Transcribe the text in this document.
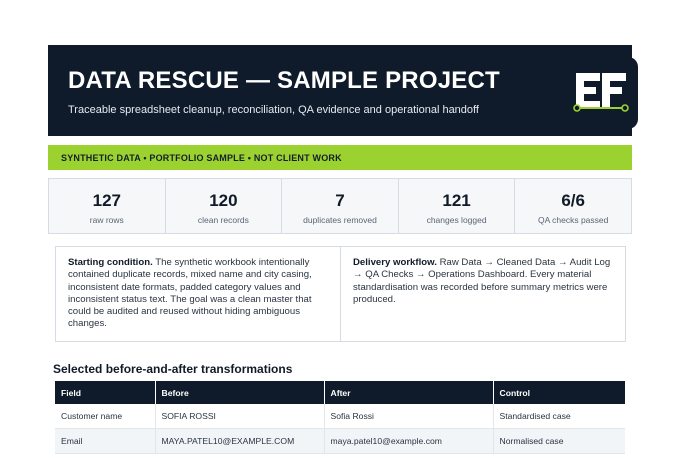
DATA RESCUE — SAMPLE PROJECT
Traceable spreadsheet cleanup, reconciliation, QA evidence and operational handoff
SYNTHETIC DATA • PORTFOLIO SAMPLE • NOT CLIENT WORK
127
raw rows
120
clean records
7
duplicates removed
121
changes logged
6/6
QA checks passed
Starting condition. The synthetic workbook intentionally contained duplicate records, mixed name and city casing, inconsistent date formats, padded category values and inconsistent status text. The goal was a clean master that could be audited and reused without hiding ambiguous changes.
Delivery workflow. Raw Data → Cleaned Data → Audit Log → QA Checks → Operations Dashboard. Every material standardisation was recorded before summary metrics were produced.
Selected before-and-after transformations
Field	Before	After	Control
Customer name	SOFIA ROSSI	Sofia Rossi	Standardised case
Email	MAYA.PATEL10@EXAMPLE.COM	maya.patel10@example.com	Normalised case
